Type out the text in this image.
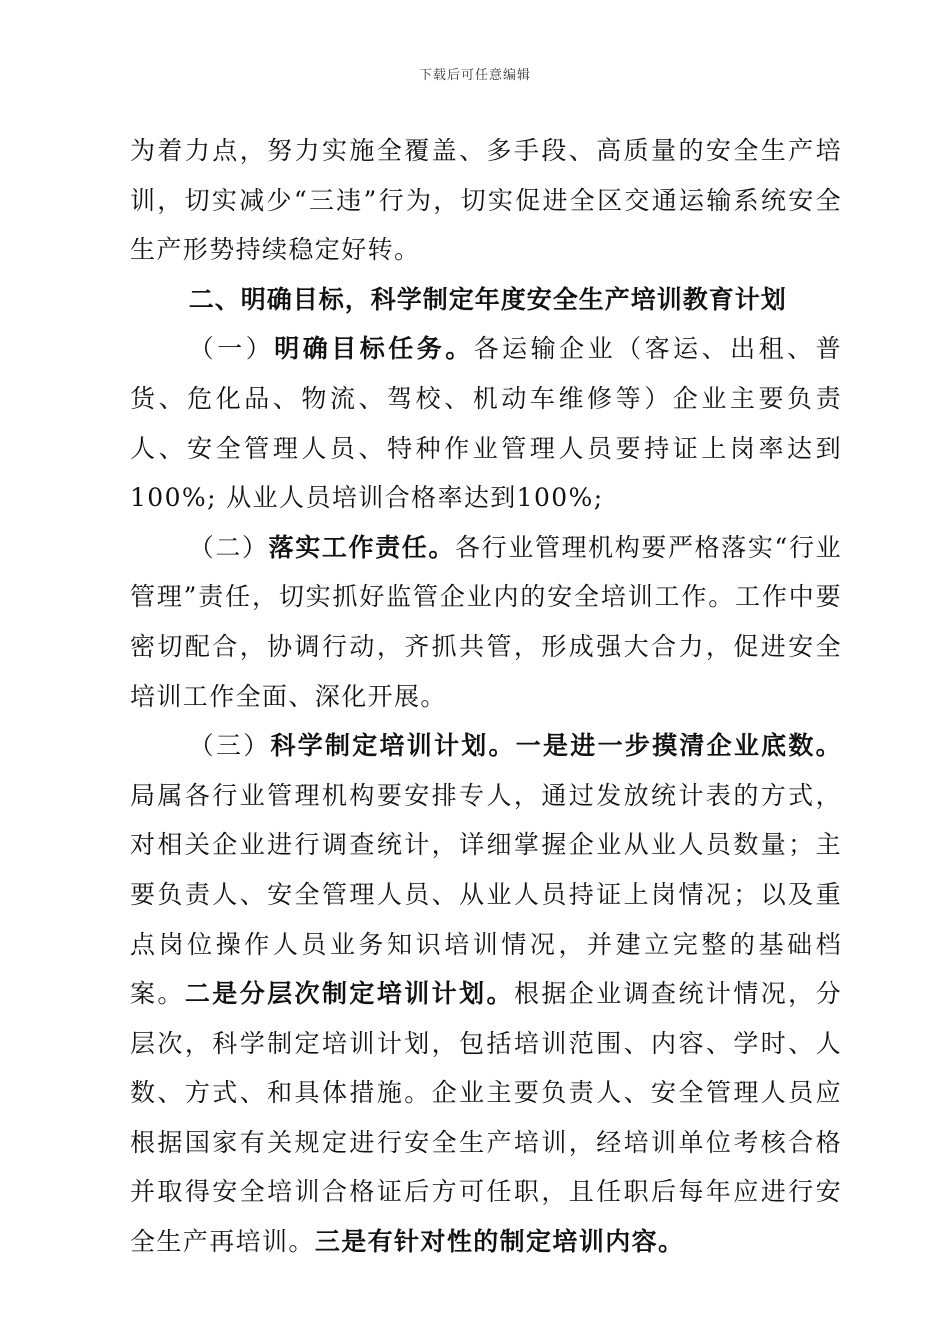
下载后可任意编辑

为着力点，努力实施全覆盖、多手段、高质量的安全生产培训，切实减少“三违”行为，切实促进全区交通运输系统安全生产形势持续稳定好转。

二、明确目标，科学制定年度安全生产培训教育计划

（一）明确目标任务。各运输企业（客运、出租、普货、危化品、物流、驾校、机动车维修等）企业主要负责人、安全管理人员、特种作业管理人员要持证上岗率达到100%; 从业人员培训合格率达到100%;

（二）落实工作责任。各行业管理机构要严格落实“行业管理”责任，切实抓好监管企业内的安全培训工作。工作中要密切配合，协调行动，齐抓共管，形成强大合力，促进安全培训工作全面、深化开展。

（三）科学制定培训计划。一是进一步摸清企业底数。局属各行业管理机构要安排专人，通过发放统计表的方式，对相关企业进行调查统计，详细掌握企业从业人员数量；主要负责人、安全管理人员、从业人员持证上岗情况；以及重点岗位操作人员业务知识培训情况，并建立完整的基础档案。二是分层次制定培训计划。根据企业调查统计情况，分层次，科学制定培训计划，包括培训范围、内容、学时、人数、方式、和具体措施。企业主要负责人、安全管理人员应根据国家有关规定进行安全生产培训，经培训单位考核合格并取得安全培训合格证后方可任职，且任职后每年应进行安全生产再培训。三是有针对性的制定培训内容。
